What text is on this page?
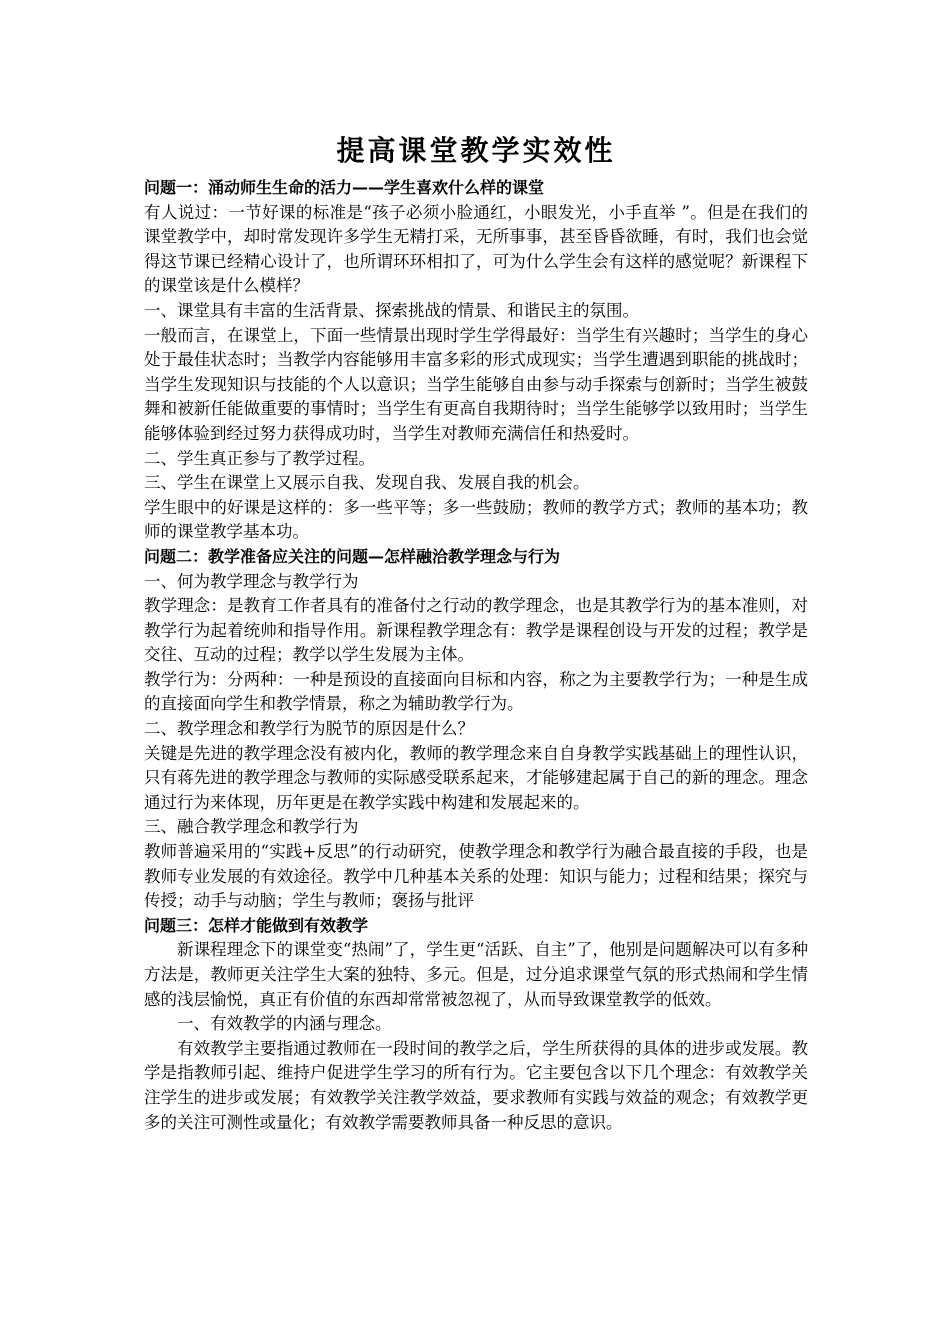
提高课堂教学实效性

问题一：涌动师生生命的活力——学生喜欢什么样的课堂

有人说过：一节好课的标准是“孩子必须小脸通红，小眼发光，小手直举 ”。但是在我们的课堂教学中，却时常发现许多学生无精打采，无所事事，甚至昏昏欲睡，有时，我们也会觉得这节课已经精心设计了，也所谓环环相扣了，可为什么学生会有这样的感觉呢？新课程下的课堂该是什么模样？

一、课堂具有丰富的生活背景、探索挑战的情景、和谐民主的氛围。

一般而言，在课堂上，下面一些情景出现时学生学得最好：当学生有兴趣时；当学生的身心处于最佳状态时；当教学内容能够用丰富多彩的形式成现实；当学生遭遇到职能的挑战时；当学生发现知识与技能的个人以意识；当学生能够自由参与动手探索与创新时；当学生被鼓舞和被新任能做重要的事情时；当学生有更高自我期待时；当学生能够学以致用时；当学生能够体验到经过努力获得成功时，当学生对教师充满信任和热爱时。

二、学生真正参与了教学过程。

三、学生在课堂上又展示自我、发现自我、发展自我的机会。

学生眼中的好课是这样的：多一些平等；多一些鼓励；教师的教学方式；教师的基本功；教师的课堂教学基本功。

问题二：教学准备应关注的问题—怎样融洽教学理念与行为

一、何为教学理念与教学行为

教学理念：是教育工作者具有的准备付之行动的教学理念，也是其教学行为的基本准则，对教学行为起着统帅和指导作用。新课程教学理念有：教学是课程创设与开发的过程；教学是交往、互动的过程；教学以学生发展为主体。

教学行为：分两种：一种是预设的直接面向目标和内容，称之为主要教学行为；一种是生成的直接面向学生和教学情景，称之为辅助教学行为。

二、教学理念和教学行为脱节的原因是什么？

关键是先进的教学理念没有被内化，教师的教学理念来自自身教学实践基础上的理性认识，只有蒋先进的教学理念与教师的实际感受联系起来，才能够建起属于自己的新的理念。理念通过行为来体现，历年更是在教学实践中构建和发展起来的。

三、融合教学理念和教学行为

教师普遍采用的“实践+反思”的行动研究，使教学理念和教学行为融合最直接的手段，也是教师专业发展的有效途径。教学中几种基本关系的处理：知识与能力；过程和结果；探究与传授；动手与动脑；学生与教师；褒扬与批评

问题三：怎样才能做到有效教学

新课程理念下的课堂变“热闹”了，学生更“活跃、自主”了，他别是问题解决可以有多种方法是，教师更关注学生大案的独特、多元。但是，过分追求课堂气氛的形式热闹和学生情感的浅层愉悦，真正有价值的东西却常常被忽视了，从而导致课堂教学的低效。

一、有效教学的内涵与理念。

有效教学主要指通过教师在一段时间的教学之后，学生所获得的具体的进步或发展。教学是指教师引起、维持户促进学生学习的所有行为。它主要包含以下几个理念：有效教学关注学生的进步或发展；有效教学关注教学效益，要求教师有实践与效益的观念；有效教学更多的关注可测性或量化；有效教学需要教师具备一种反思的意识。
